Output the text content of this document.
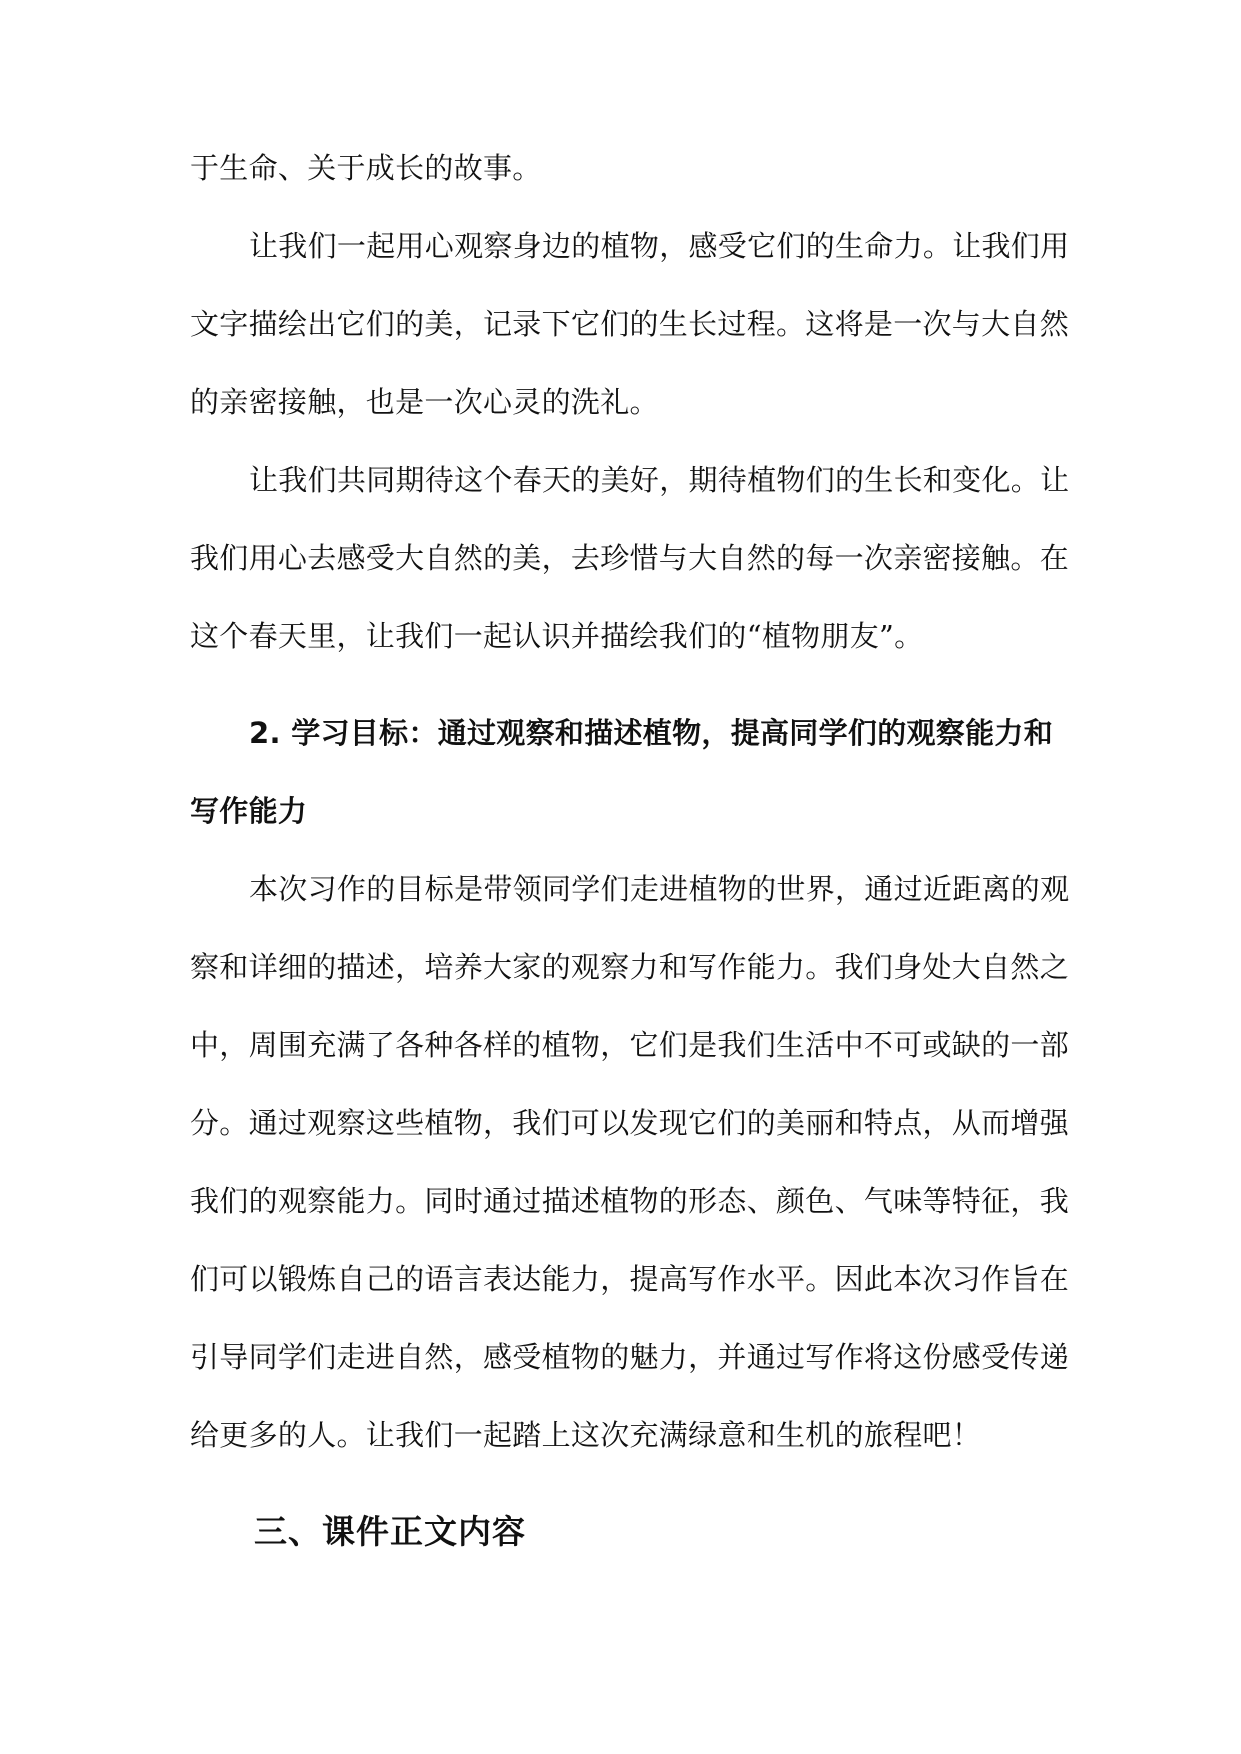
于生命、关于成长的故事。
让我们一起用心观察身边的植物，感受它们的生命力。让我们用
文字描绘出它们的美，记录下它们的生长过程。这将是一次与大自然
的亲密接触，也是一次心灵的洗礼。
让我们共同期待这个春天的美好，期待植物们的生长和变化。让
我们用心去感受大自然的美，去珍惜与大自然的每一次亲密接触。在
这个春天里，让我们一起认识并描绘我们的“植物朋友”。
2. 学习目标：通过观察和描述植物，提高同学们的观察能力和
写作能力
本次习作的目标是带领同学们走进植物的世界，通过近距离的观
察和详细的描述，培养大家的观察力和写作能力。我们身处大自然之
中，周围充满了各种各样的植物，它们是我们生活中不可或缺的一部
分。通过观察这些植物，我们可以发现它们的美丽和特点，从而增强
我们的观察能力。同时通过描述植物的形态、颜色、气味等特征，我
们可以锻炼自己的语言表达能力，提高写作水平。因此本次习作旨在
引导同学们走进自然，感受植物的魅力，并通过写作将这份感受传递
给更多的人。让我们一起踏上这次充满绿意和生机的旅程吧！
三、课件正文内容
